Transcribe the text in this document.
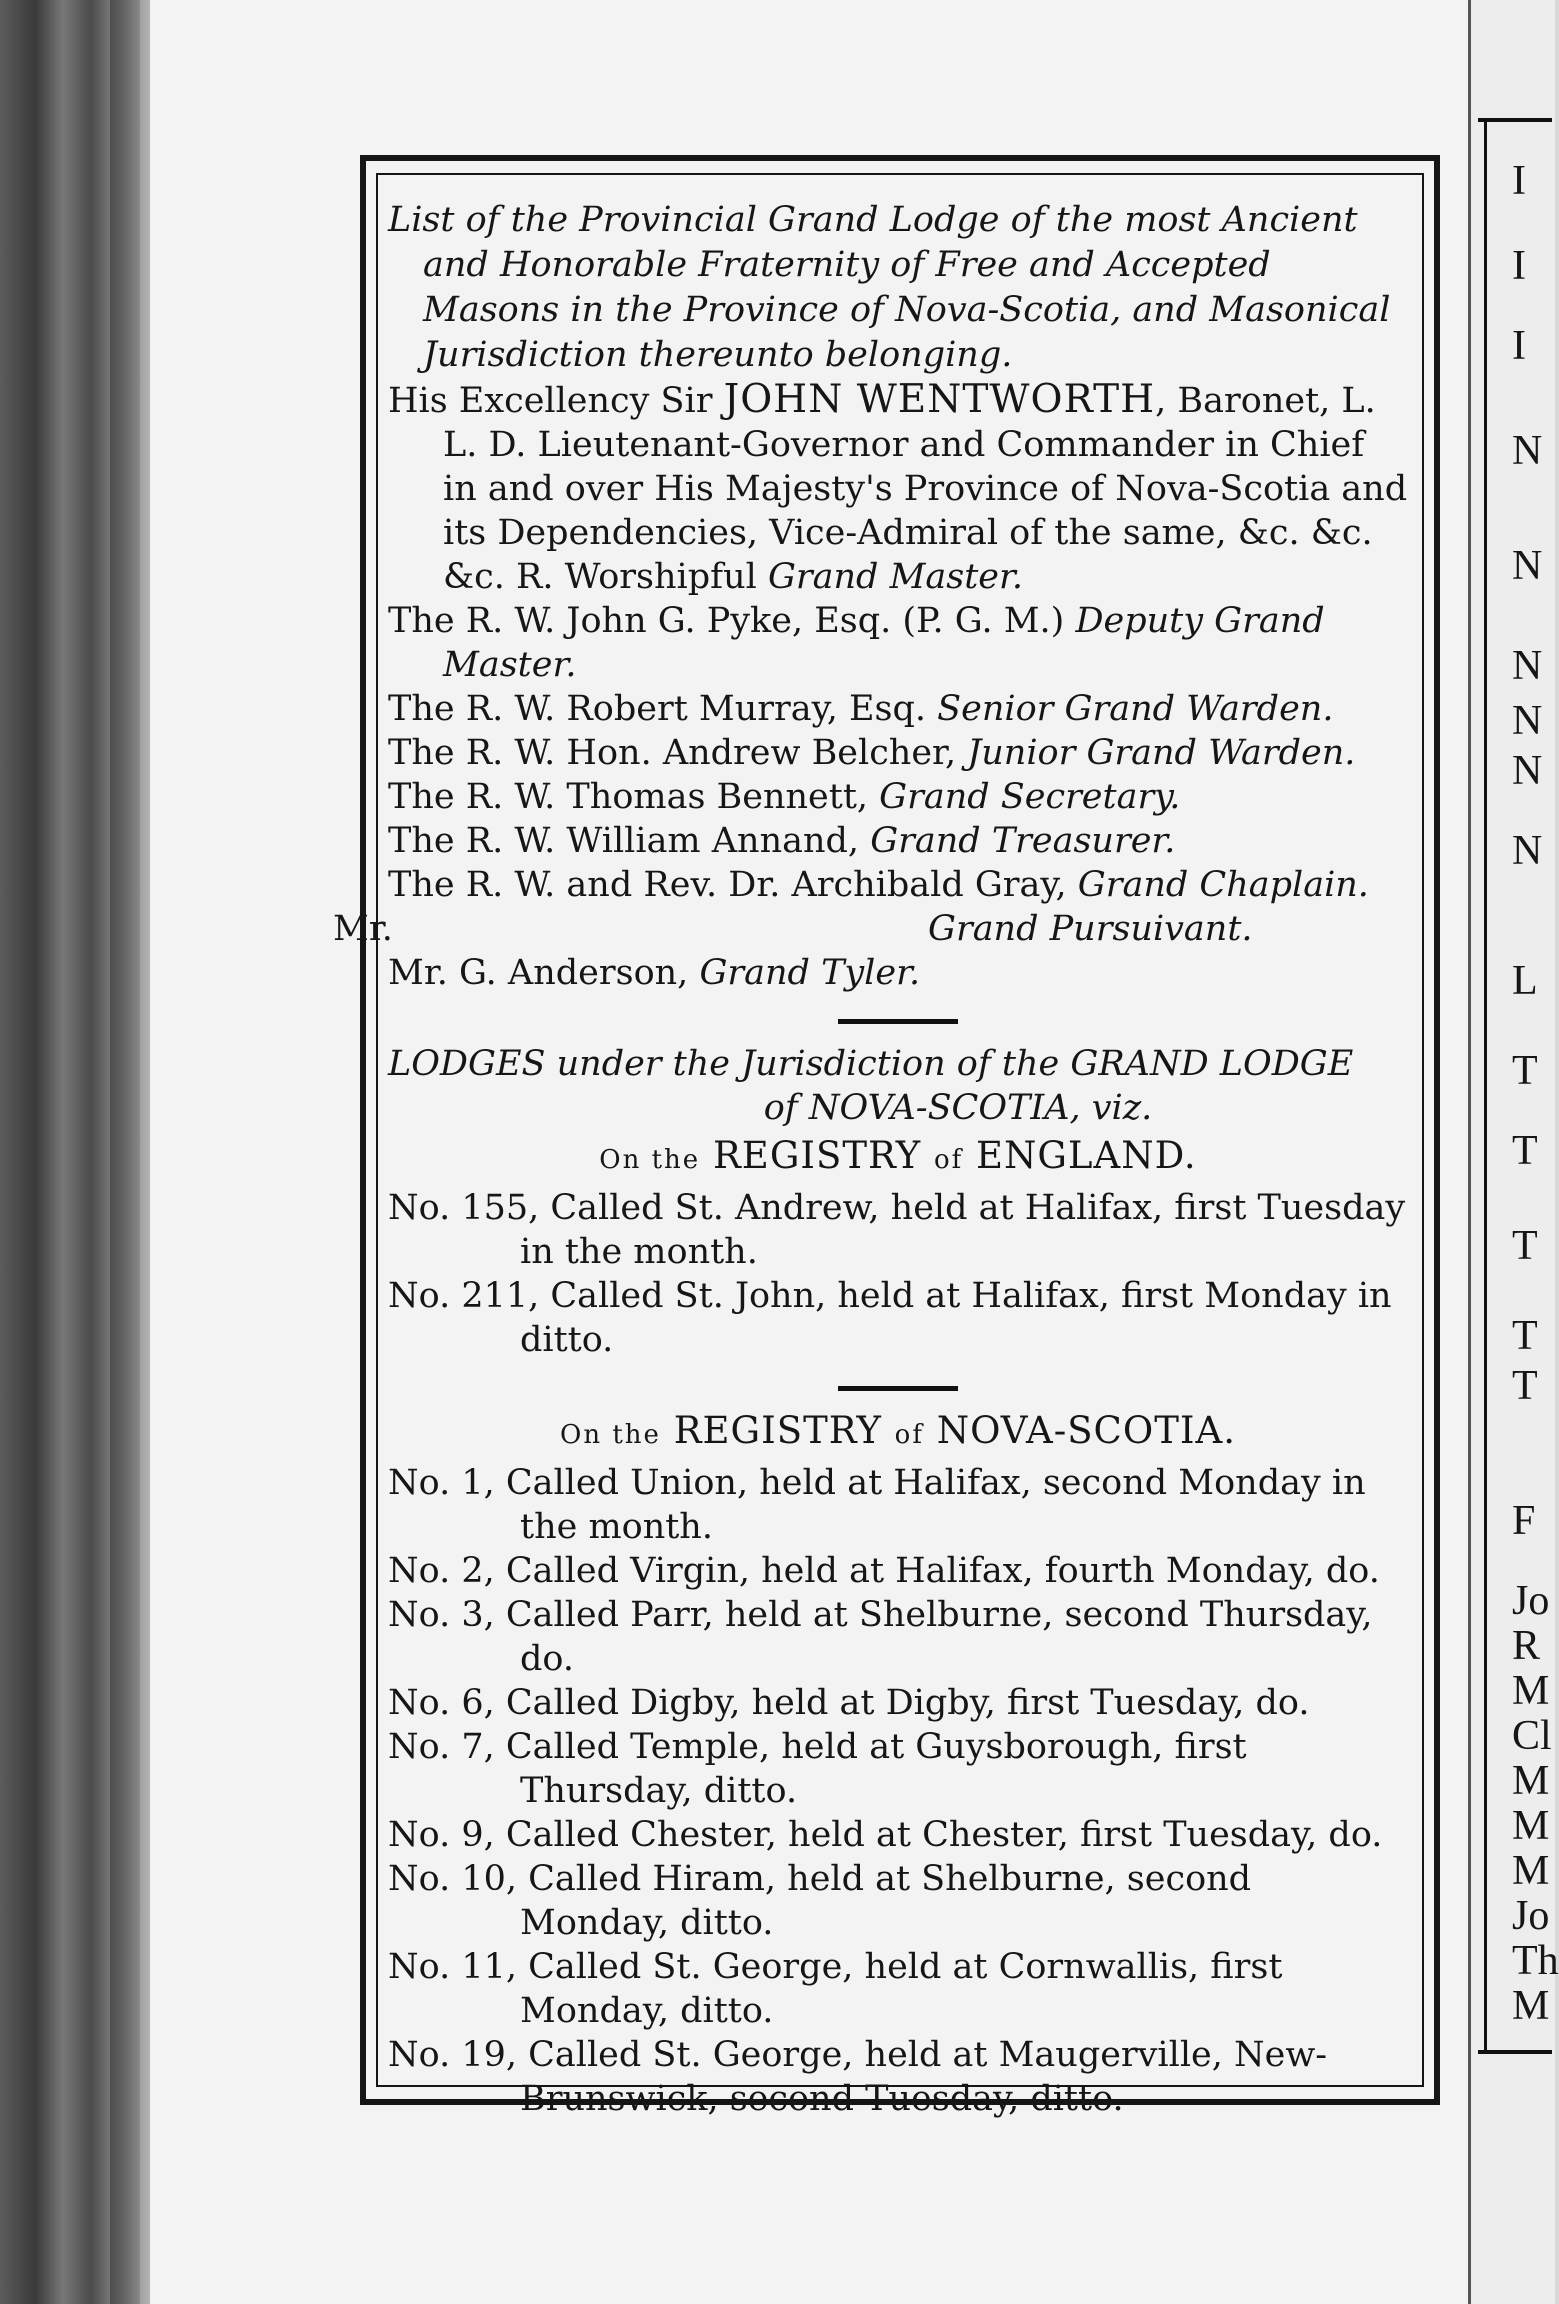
I
I
I
N
N
N
N
N
N
L
T
T
T
T
T
F
Jo
R
M
Cl
M
M
M
Jo
Th
M
List of the Provincial Grand Lodge of the most Ancient and Honorable Fraternity of Free and Accepted Masons in the Province of Nova-Scotia, and Masonical Jurisdiction thereunto belonging.
His Excellency Sir JOHN WENTWORTH, Baronet, L. L. D. Lieutenant-Governor and Commander in Chief in and over His Majesty's Province of Nova-Scotia and its Dependencies, Vice-Admiral of the same, &c. &c. &c. R. Worshipful Grand Master.
The R. W. John G. Pyke, Esq. (P. G. M.) Deputy Grand Master.
The R. W. Robert Murray, Esq. Senior Grand Warden.
The R. W. Hon. Andrew Belcher, Junior Grand Warden.
The R. W. Thomas Bennett, Grand Secretary.
The R. W. William Annand, Grand Treasurer.
The R. W. and Rev. Dr. Archibald Gray, Grand Chaplain.
Mr.	Grand Pursuivant.
Mr. G. Anderson, Grand Tyler.
LODGES under the Jurisdiction of the GRAND LODGE
of NOVA-SCOTIA, viz.
On the REGISTRY of ENGLAND.
No. 155, Called St. Andrew, held at Halifax, first Tuesday in the month.
No. 211, Called St. John, held at Halifax, first Monday in ditto.
On the REGISTRY of NOVA-SCOTIA.
No. 1, Called Union, held at Halifax, second Monday in the month.
No. 2, Called Virgin, held at Halifax, fourth Monday, do.
No. 3, Called Parr, held at Shelburne, second Thursday, do.
No. 6, Called Digby, held at Digby, first Tuesday, do.
No. 7, Called Temple, held at Guysborough, first Thursday, ditto.
No. 9, Called Chester, held at Chester, first Tuesday, do.
No. 10, Called Hiram, held at Shelburne, second Monday, ditto.
No. 11, Called St. George, held at Cornwallis, first Monday, ditto.
No. 19, Called St. George, held at Maugerville, New-Brunswick, second Tuesday, ditto.
